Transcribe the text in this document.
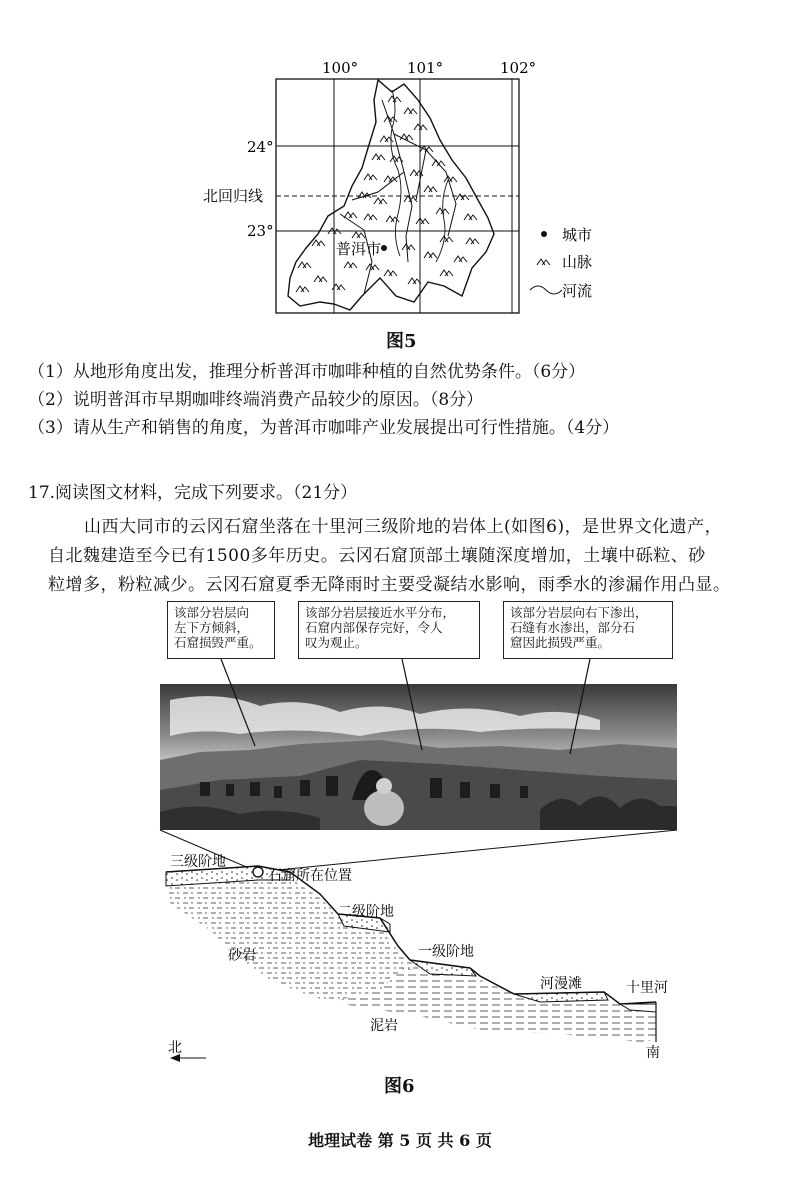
100°	101°	102°
24°
23°
北回归线
普洱市
城市
山脉
河流
图5
（1）从地形角度出发，推理分析普洱市咖啡种植的自然优势条件。（6分）
（2）说明普洱市早期咖啡终端消费产品较少的原因。（8分）
（3）请从生产和销售的角度，为普洱市咖啡产业发展提出可行性措施。（4分）
17.阅读图文材料，完成下列要求。（21分）
山西大同市的云冈石窟坐落在十里河三级阶地的岩体上(如图6)，是世界文化遗产，
自北魏建造至今已有1500多年历史。云冈石窟顶部土壤随深度增加，土壤中砾粒、砂
粒增多，粉粒减少。云冈石窟夏季无降雨时主要受凝结水影响，雨季水的渗漏作用凸显。
该部分岩层向
左下方倾斜，
石窟损毁严重。
该部分岩层接近水平分布，
石窟内部保存完好，令人
叹为观止。
该部分岩层向右下渗出，
石缝有水渗出，部分石
窟因此损毁严重。
三级阶地
石窟所在位置
二级阶地
砂岩	一级阶地
河漫滩	十里河
泥岩
南
北
图6
地理试卷 第 5 页 共 6 页
